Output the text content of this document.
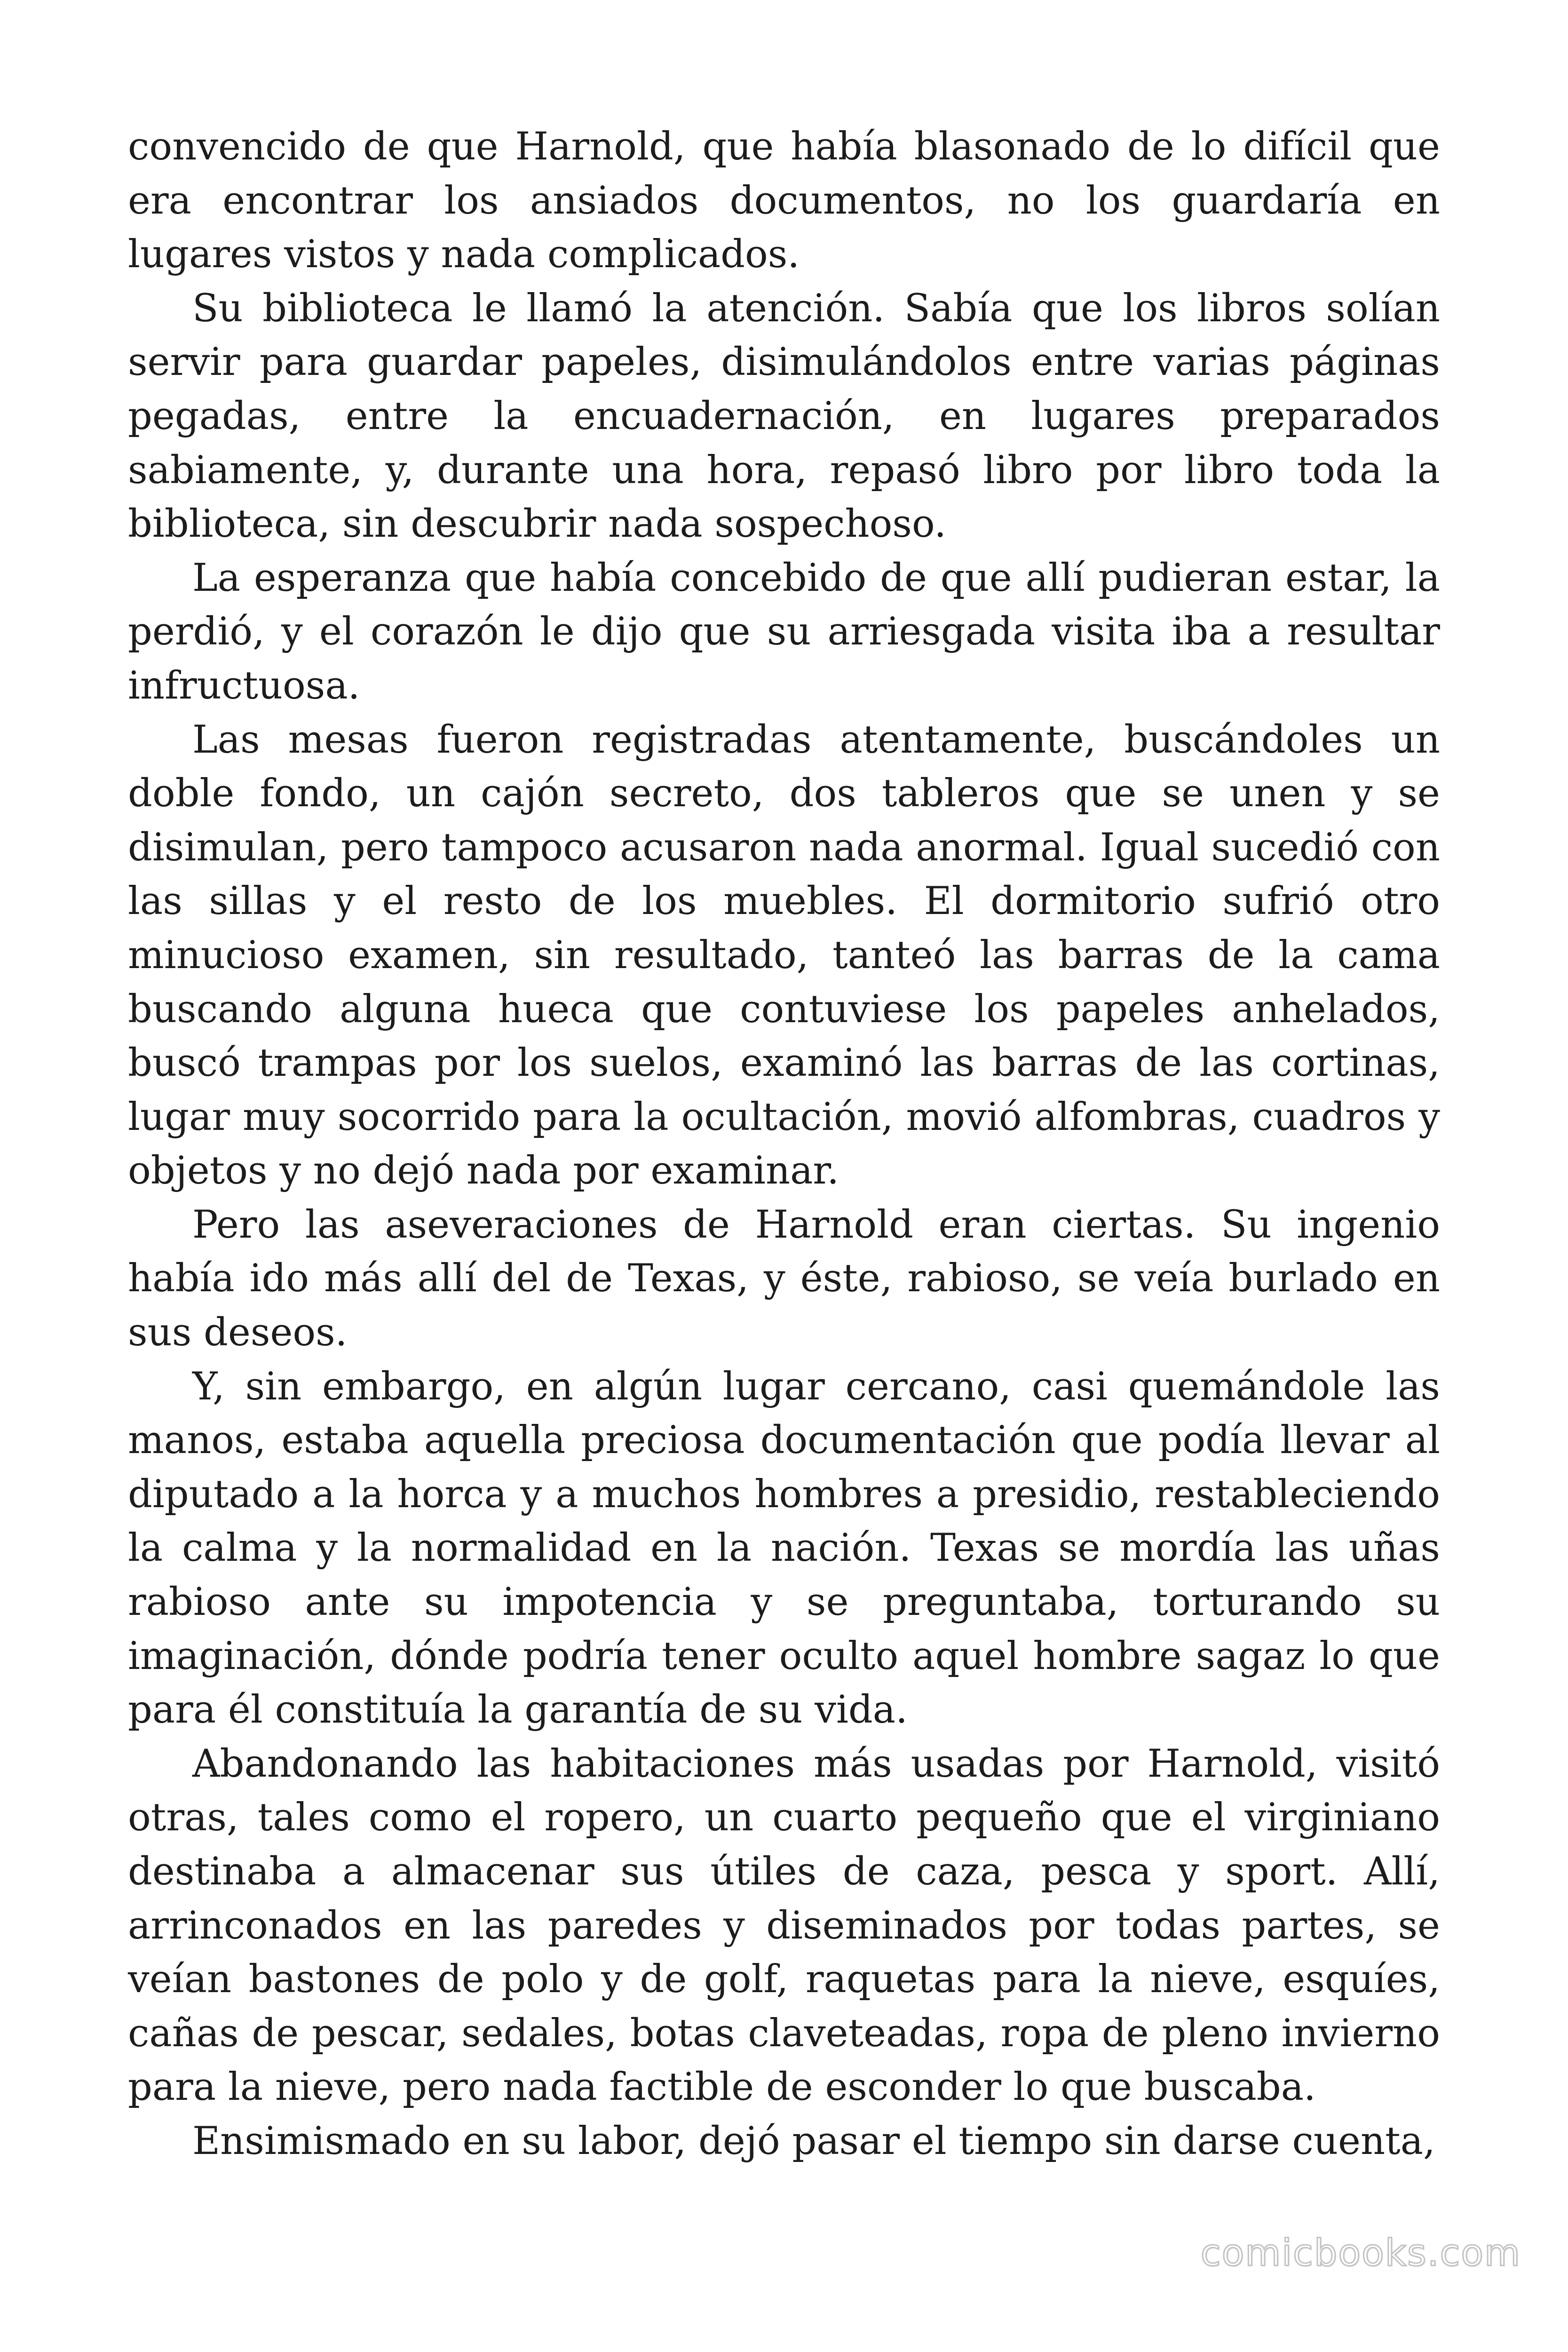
convencido de que Harnold, que había blasonado de lo difícil que era encontrar los ansiados documentos, no los guardaría en lugares vistos y nada complicados.

Su biblioteca le llamó la atención. Sabía que los libros solían servir para guardar papeles, disimulándolos entre varias páginas pegadas, entre la encuadernación, en lugares preparados sabiamente, y, durante una hora, repasó libro por libro toda la biblioteca, sin descubrir nada sospechoso.

La esperanza que había concebido de que allí pudieran estar, la perdió, y el corazón le dijo que su arriesgada visita iba a resultar infructuosa.

Las mesas fueron registradas atentamente, buscándoles un doble fondo, un cajón secreto, dos tableros que se unen y se disimulan, pero tampoco acusaron nada anormal. Igual sucedió con las sillas y el resto de los muebles. El dormitorio sufrió otro minucioso examen, sin resultado, tanteó las barras de la cama buscando alguna hueca que contuviese los papeles anhelados, buscó trampas por los suelos, examinó las barras de las cortinas, lugar muy socorrido para la ocultación, movió alfombras, cuadros y objetos y no dejó nada por examinar.

Pero las aseveraciones de Harnold eran ciertas. Su ingenio había ido más allí del de Texas, y éste, rabioso, se veía burlado en sus deseos.

Y, sin embargo, en algún lugar cercano, casi quemándole las manos, estaba aquella preciosa documentación que podía llevar al diputado a la horca y a muchos hombres a presidio, restableciendo la calma y la normalidad en la nación. Texas se mordía las uñas rabioso ante su impotencia y se preguntaba, torturando su imaginación, dónde podría tener oculto aquel hombre sagaz lo que para él constituía la garantía de su vida.

Abandonando las habitaciones más usadas por Harnold, visitó otras, tales como el ropero, un cuarto pequeño que el virginiano destinaba a almacenar sus útiles de caza, pesca y sport. Allí, arrinconados en las paredes y diseminados por todas partes, se veían bastones de polo y de golf, raquetas para la nieve, esquíes, cañas de pescar, sedales, botas claveteadas, ropa de pleno invierno para la nieve, pero nada factible de esconder lo que buscaba.

Ensimismado en su labor, dejó pasar el tiempo sin darse cuenta,

comicbooks.com
